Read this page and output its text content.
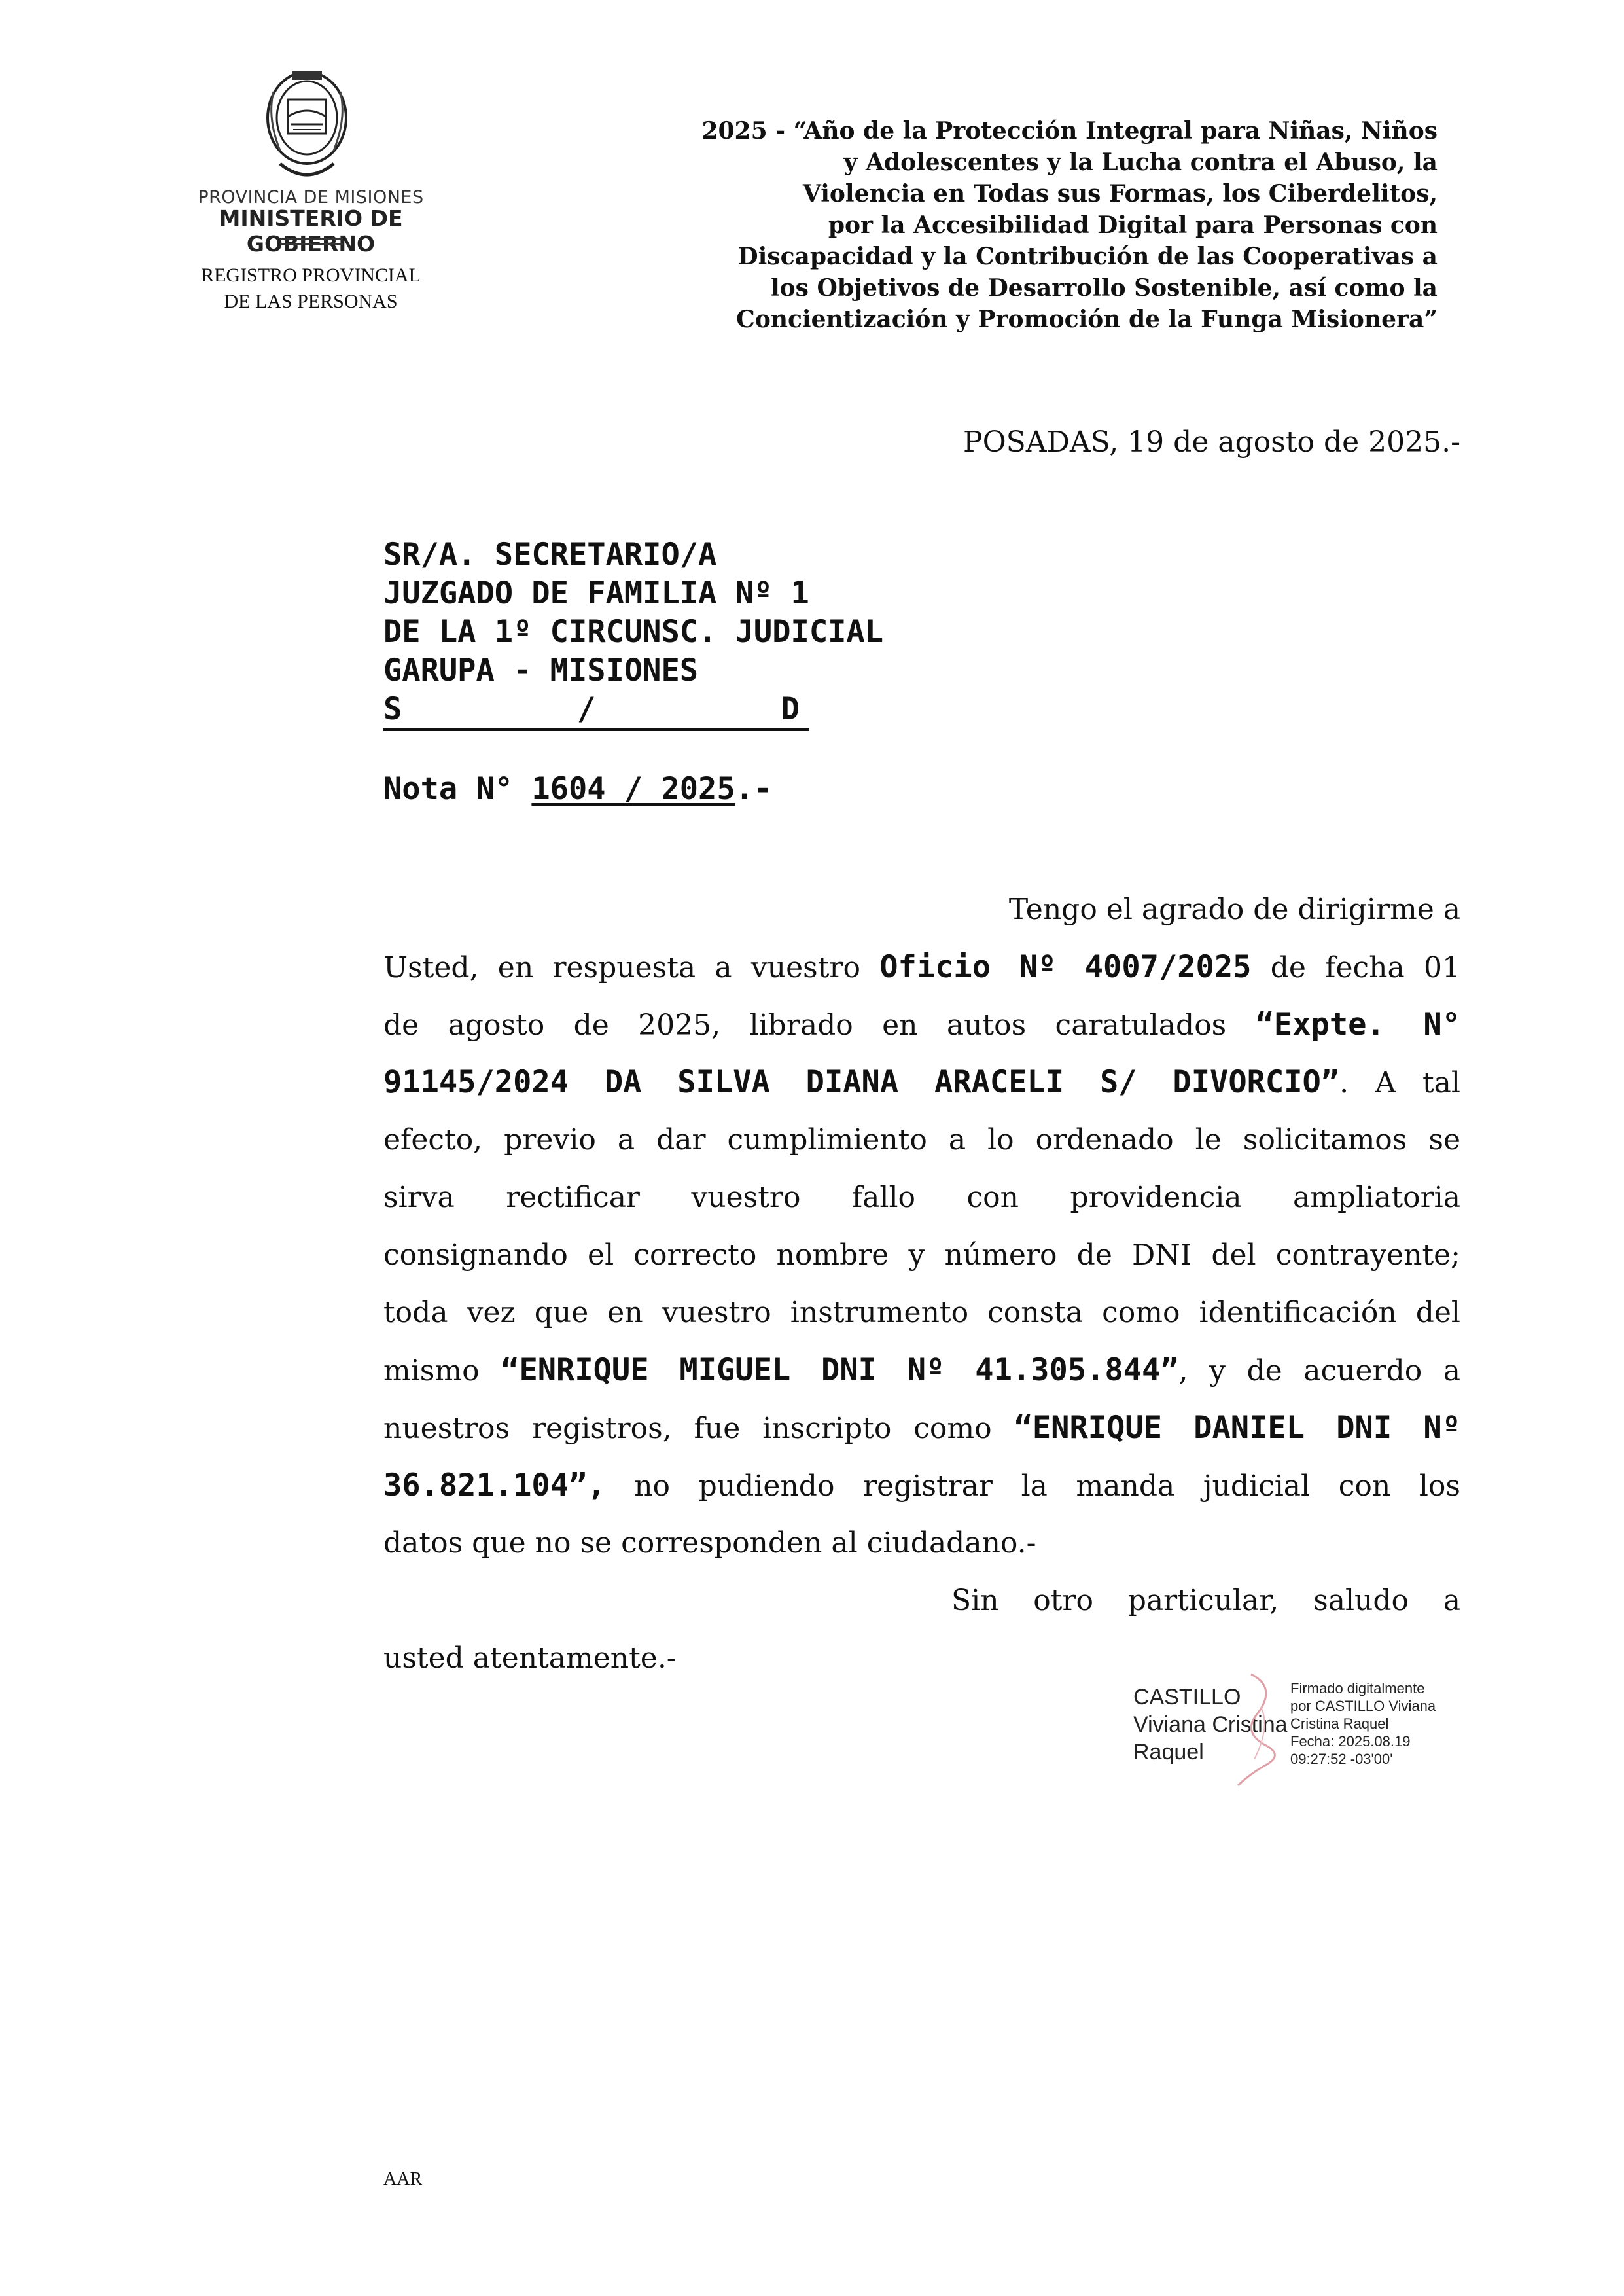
PROVINCIA DE MISIONES
MINISTERIO DE GOBIERNO
REGISTRO PROVINCIAL
DE LAS PERSONAS
2025 - “Año de la Protección Integral para Niñas, Niños
y Adolescentes y la Lucha contra el Abuso, la
Violencia en Todas sus Formas, los Ciberdelitos,
por la Accesibilidad Digital para Personas con
Discapacidad y la Contribución de las Cooperativas a
los Objetivos de Desarrollo Sostenible, así como la
Concientización y Promoción de la Funga Misionera”
POSADAS, 19 de agosto de 2025.-
SR/A. SECRETARIO/A
JUZGADO DE FAMILIA Nº 1
DE LA 1º CIRCUNSC. JUDICIAL
GARUPA - MISIONES
S	/	D
Nota N° 1604 / 2025.-
Tengo el agrado de dirigirme a
Usted, en respuesta a vuestro Oficio Nº 4007/2025 de fecha 01
de agosto de 2025, librado en autos caratulados “Expte. N°
91145/2024 DA SILVA DIANA ARACELI S/ DIVORCIO”. A tal
efecto, previo a dar cumplimiento a lo ordenado le solicitamos se
sirva rectificar vuestro fallo con providencia ampliatoria
consignando el correcto nombre y número de DNI del contrayente;
toda vez que en vuestro instrumento consta como identificación del
mismo “ENRIQUE MIGUEL DNI Nº 41.305.844”, y de acuerdo a
nuestros registros, fue inscripto como “ENRIQUE DANIEL DNI Nº
36.821.104”, no pudiendo registrar la manda judicial con los
datos que no se corresponden al ciudadano.-
Sin otro particular, saludo a
usted atentamente.-
CASTILLO
Viviana Cristina
Raquel
Firmado digitalmente
por CASTILLO Viviana
Cristina Raquel
Fecha: 2025.08.19
09:27:52 -03'00'
AAR
